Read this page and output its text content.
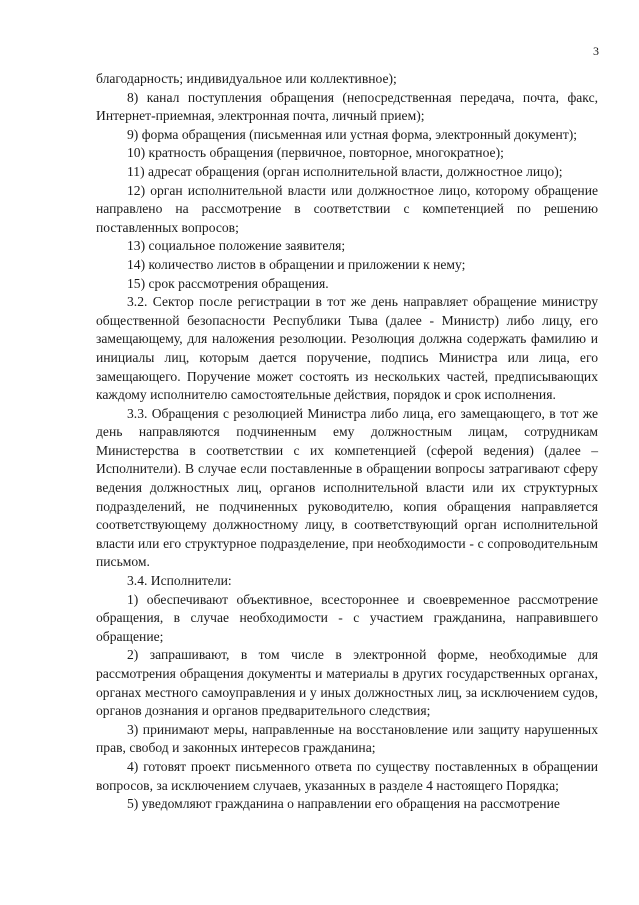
3

благодарность; индивидуальное или коллективное);

8) канал поступления обращения (непосредственная передача, почта, факс, Интернет-приемная, электронная почта, личный прием);

9) форма обращения (письменная или устная форма, электронный документ);

10) кратность обращения (первичное, повторное, многократное);

11) адресат обращения (орган исполнительной власти, должностное лицо);

12) орган исполнительной власти или должностное лицо, которому обращение направлено на рассмотрение в соответствии с компетенцией по решению поставленных вопросов;

13) социальное положение заявителя;

14) количество листов в обращении и приложении к нему;

15) срок рассмотрения обращения.

3.2. Сектор после регистрации в тот же день направляет обращение министру общественной безопасности Республики Тыва (далее - Министр) либо лицу, его замещающему, для наложения резолюции. Резолюция должна содержать фамилию и инициалы лиц, которым дается поручение, подпись Министра или лица, его замещающего. Поручение может состоять из нескольких частей, предписывающих каждому исполнителю самостоятельные действия, порядок и срок исполнения.

3.3. Обращения с резолюцией Министра либо лица, его замещающего, в тот же день направляются подчиненным ему должностным лицам, сотрудникам Министерства в соответствии с их компетенцией (сферой ведения) (далее – Исполнители). В случае если поставленные в обращении вопросы затрагивают сферу ведения должностных лиц, органов исполнительной власти или их структурных подразделений, не подчиненных руководителю, копия обращения направляется соответствующему должностному лицу, в соответствующий орган исполнительной власти или его структурное подразделение, при необходимости - с сопроводительным письмом.

3.4. Исполнители:

1) обеспечивают объективное, всестороннее и своевременное рассмотрение обращения, в случае необходимости - с участием гражданина, направившего обращение;

2) запрашивают, в том числе в электронной форме, необходимые для рассмотрения обращения документы и материалы в других государственных органах, органах местного самоуправления и у иных должностных лиц, за исключением судов, органов дознания и органов предварительного следствия;

3) принимают меры, направленные на восстановление или защиту нарушенных прав, свобод и законных интересов гражданина;

4) готовят проект письменного ответа по существу поставленных в обращении вопросов, за исключением случаев, указанных в разделе 4 настоящего Порядка;

5) уведомляют гражданина о направлении его обращения на рассмотрение
